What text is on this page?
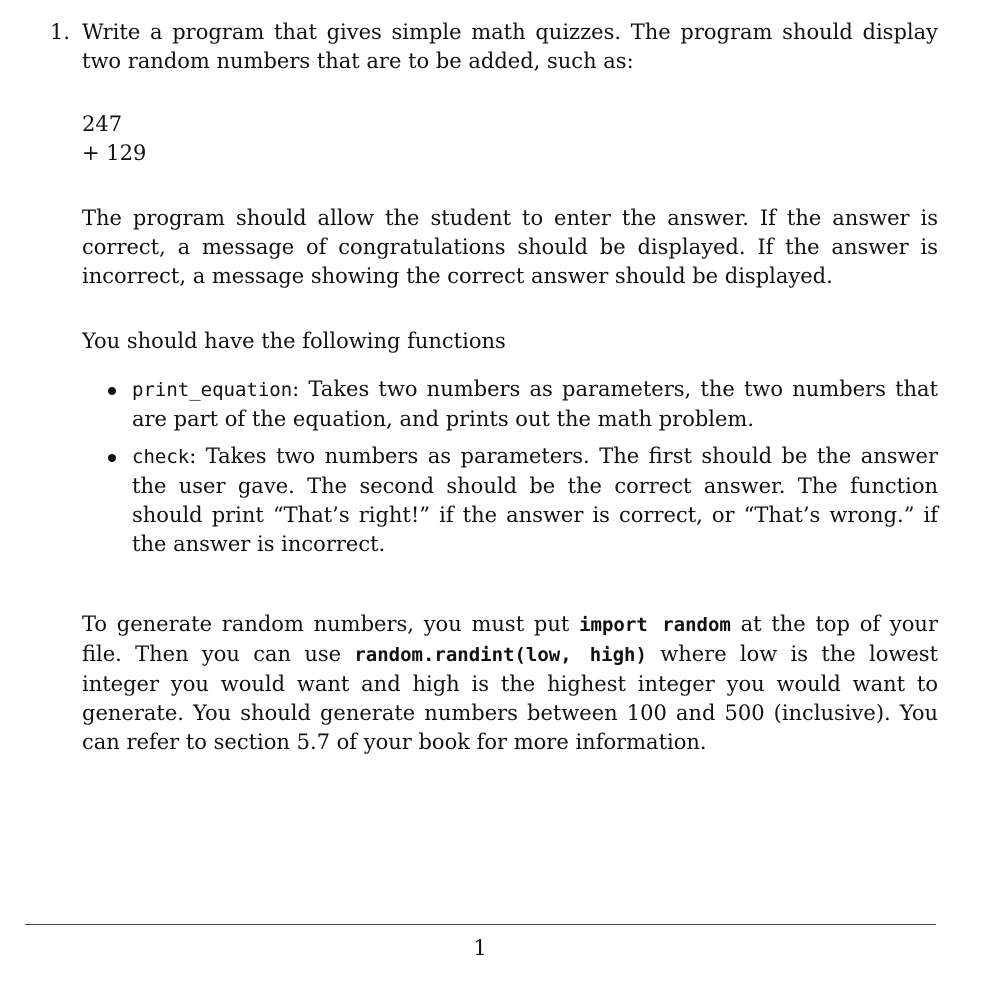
1. Write a program that gives simple math quizzes. The program should display two random numbers that are to be added, such as:
247
+ 129
The program should allow the student to enter the answer. If the answer is correct, a message of congratulations should be displayed. If the answer is incorrect, a message showing the correct answer should be displayed.
You should have the following functions
print_equation: Takes two numbers as parameters, the two numbers that are part of the equation, and prints out the math problem.
check: Takes two numbers as parameters. The first should be the answer the user gave. The second should be the correct answer. The function should print “That’s right!” if the answer is correct, or “That’s wrong.” if the answer is incorrect.
To generate random numbers, you must put import random at the top of your file. Then you can use random.randint(low, high) where low is the lowest integer you would want and high is the highest integer you would want to generate. You should generate numbers between 100 and 500 (inclusive). You can refer to section 5.7 of your book for more information.
1
